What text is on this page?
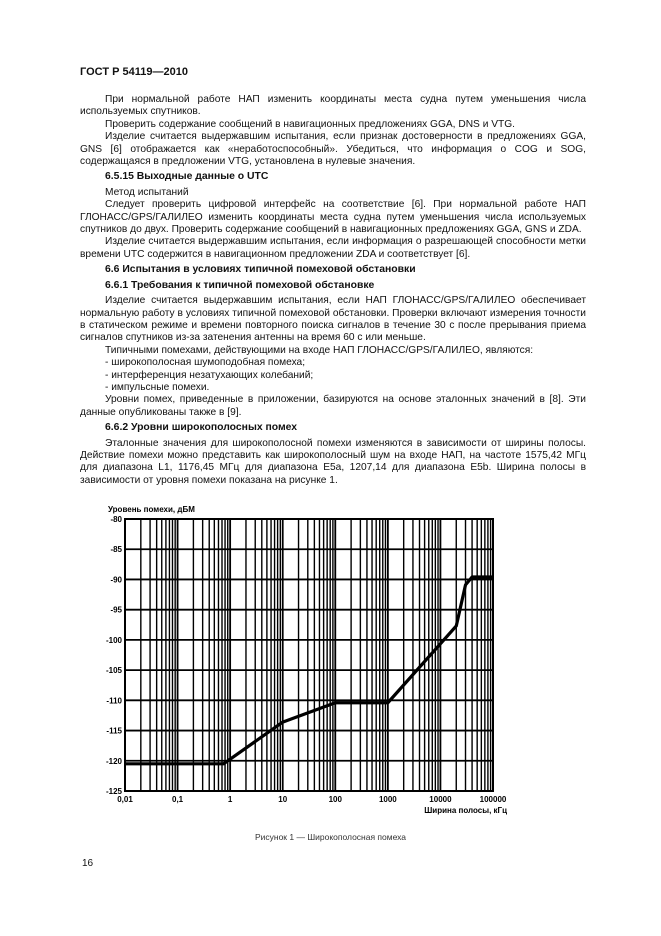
ГОСТ Р 54119—2010

При нормальной работе НАП изменить координаты места судна путем уменьшения числа используемых спутников.

Проверить содержание сообщений в навигационных предложениях GGA, DNS и VTG.

Изделие считается выдержавшим испытания, если признак достоверности в предложениях GGA, GNS [6] отображается как «неработоспособный». Убедиться, что информация о COG и SOG, содержащаяся в предложении VTG, установлена в нулевые значения.

6.5.15 Выходные данные о UTC

Метод испытаний

Следует проверить цифровой интерфейс на соответствие [6]. При нормальной работе НАП ГЛОНАСС/GPS/ГАЛИЛЕО изменить координаты места судна путем уменьшения числа используемых спутников до двух. Проверить содержание сообщений в навигационных предложениях GGA, GNS и ZDA.

Изделие считается выдержавшим испытания, если информация о разрешающей способности метки времени UTC содержится в навигационном предложении ZDA и соответствует [6].

6.6 Испытания в условиях типичной помеховой обстановки
6.6.1 Требования к типичной помеховой обстановке

Изделие считается выдержавшим испытания, если НАП ГЛОНАСС/GPS/ГАЛИЛЕО обеспечивает нормальную работу в условиях типичной помеховой обстановки. Проверки включают измерения точности в статическом режиме и времени повторного поиска сигналов в течение 30 с после прерывания приема сигналов спутников из-за затенения антенны на время 60 с или меньше.

Типичными помехами, действующими на входе НАП ГЛОНАСС/GPS/ГАЛИЛЕО, являются:

- широкополосная шумоподобная помеха;

- интерференция незатухающих колебаний;

- импульсные помехи.

Уровни помех, приведенные в приложении, базируются на основе эталонных значений в [8]. Эти данные опубликованы также в [9].

6.6.2 Уровни широкополосных помех

Эталонные значения для широкополосной помехи изменяются в зависимости от ширины полосы. Действие помехи можно представить как широкополосный шум на входе НАП, на частоте 1575,42 МГц для диапазона L1, 1176,45 МГц для диапазона E5a, 1207,14 для диапазона E5b. Ширина полосы в зависимости от уровня помехи показана на рисунке 1.

-80
-85
-90
-95
-100
-105
-110
-115
-120
-125
0,01	0,1	1	10	100	1000	10000	100000
Уровень помехи, дБМ
Ширина полосы, кГц
Рисунок 1 — Широкополосная помеха
16
